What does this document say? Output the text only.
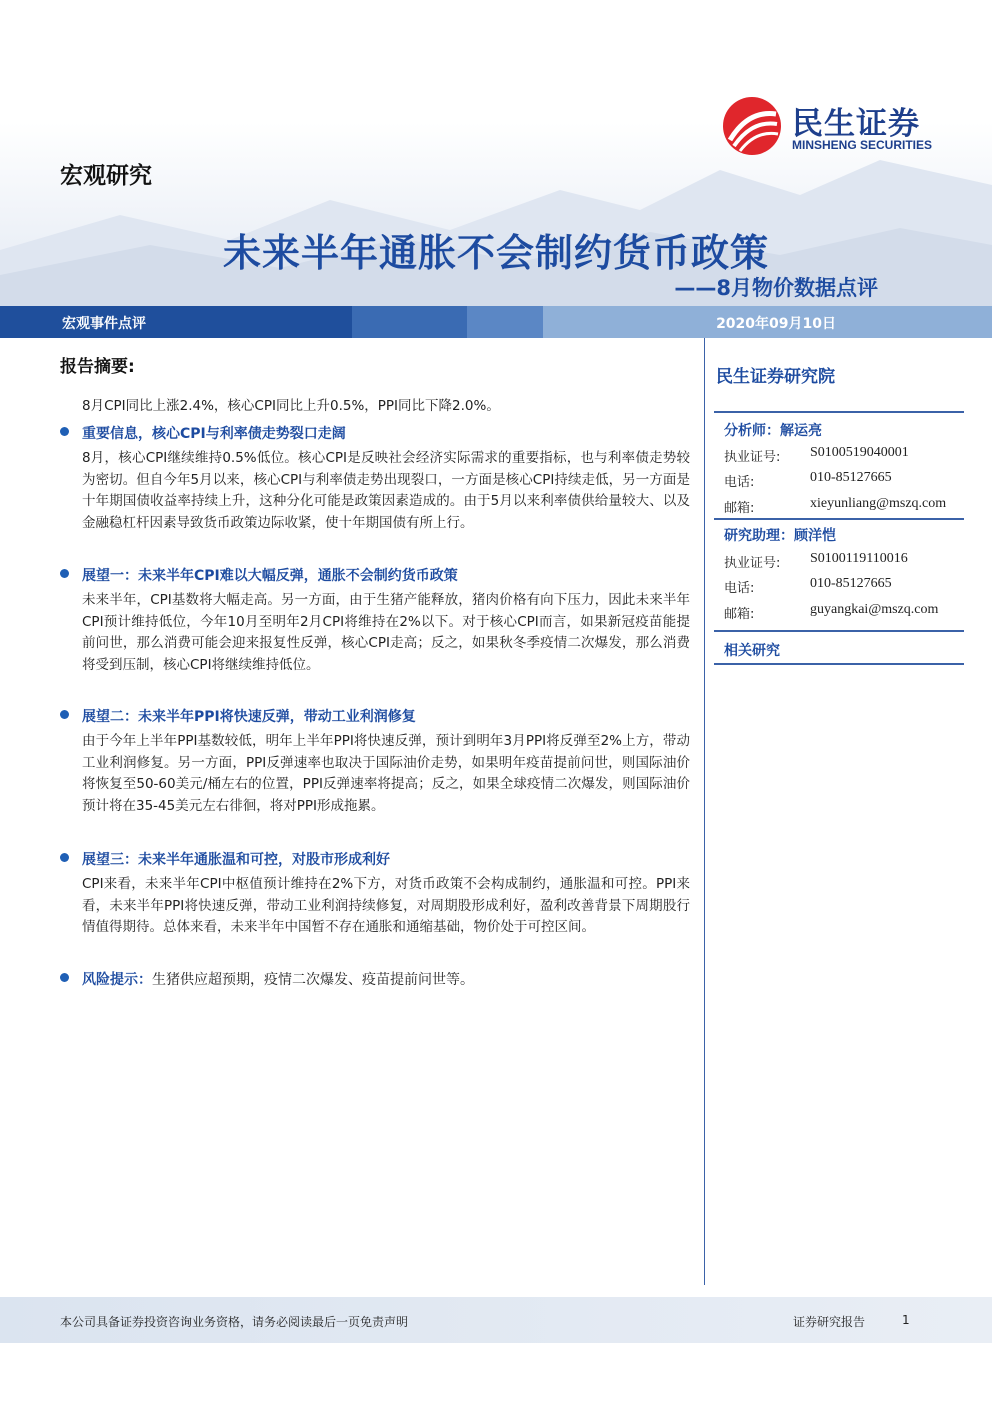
民生证券
MINSHENG SECURITIES
宏观研究
未来半年通胀不会制约货币政策
——8月物价数据点评
宏观事件点评	2020年09月10日
报告摘要:
8月CPI同比上涨2.4%，核心CPI同比上升0.5%，PPI同比下降2.0%。
重要信息，核心CPI与利率债走势裂口走阔
8月，核心CPI继续维持0.5%低位。核心CPI是反映社会经济实际需求的重要指标，也与利率债走势较为密切。但自今年5月以来，核心CPI与利率债走势出现裂口，一方面是核心CPI持续走低，另一方面是十年期国债收益率持续上升，这种分化可能是政策因素造成的。由于5月以来利率债供给量较大、以及金融稳杠杆因素导致货币政策边际收紧，使十年期国债有所上行。
展望一：未来半年CPI难以大幅反弹，通胀不会制约货币政策
未来半年，CPI基数将大幅走高。另一方面，由于生猪产能释放，猪肉价格有向下压力，因此未来半年CPI预计维持低位，今年10月至明年2月CPI将维持在2%以下。对于核心CPI而言，如果新冠疫苗能提前问世，那么消费可能会迎来报复性反弹，核心CPI走高；反之，如果秋冬季疫情二次爆发，那么消费将受到压制，核心CPI将继续维持低位。
展望二：未来半年PPI将快速反弹，带动工业利润修复
由于今年上半年PPI基数较低，明年上半年PPI将快速反弹，预计到明年3月PPI将反弹至2%上方，带动工业利润修复。另一方面，PPI反弹速率也取决于国际油价走势，如果明年疫苗提前问世，则国际油价将恢复至50-60美元/桶左右的位置，PPI反弹速率将提高；反之，如果全球疫情二次爆发，则国际油价预计将在35-45美元左右徘徊，将对PPI形成拖累。
展望三：未来半年通胀温和可控，对股市形成利好
CPI来看，未来半年CPI中枢值预计维持在2%下方，对货币政策不会构成制约，通胀温和可控。PPI来看，未来半年PPI将快速反弹，带动工业利润持续修复，对周期股形成利好，盈利改善背景下周期股行情值得期待。总体来看，未来半年中国暂不存在通胀和通缩基础，物价处于可控区间。
风险提示：生猪供应超预期，疫情二次爆发、疫苗提前问世等。
民生证券研究院
分析师：解运亮
执业证号: S0100519040001
电话:	010-85127665
邮箱:	xieyunliang@mszq.com
研究助理：顾洋恺
执业证号: S0100119110016
电话:	010-85127665
邮箱:	guyangkai@mszq.com
相关研究
本公司具备证券投资咨询业务资格，请务必阅读最后一页免责声明	证券研究报告	1
